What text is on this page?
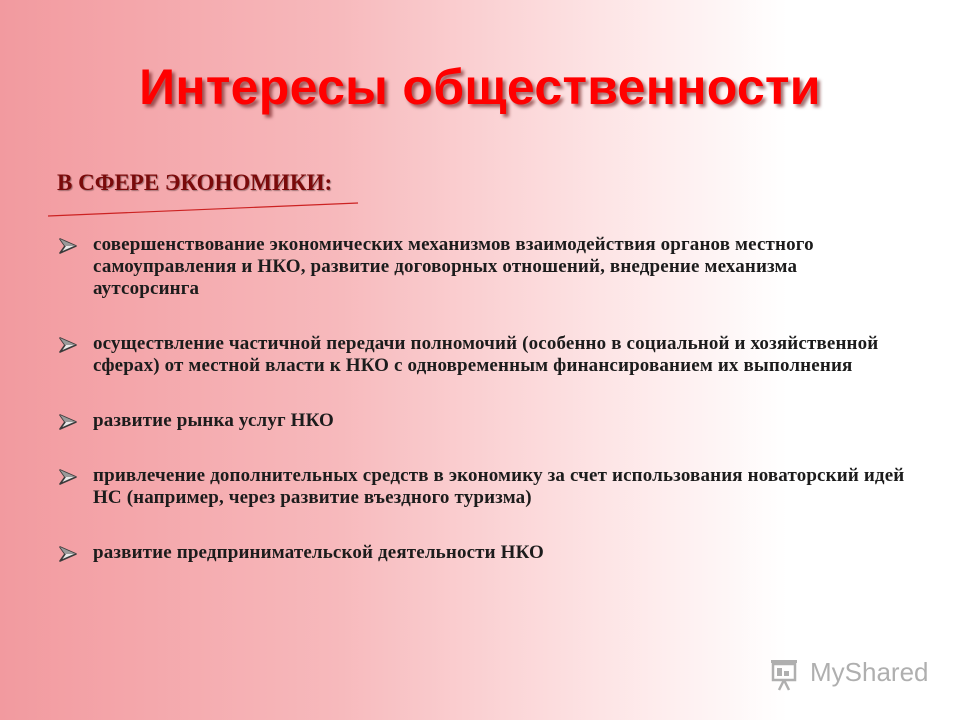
Интересы общественности
В СФЕРЕ ЭКОНОМИКИ:
совершенствование экономических механизмов взаимодействия органов местного самоуправления и НКО, развитие договорных отношений, внедрение механизма аутсорсинга
осуществление частичной передачи полномочий (особенно в социальной и хозяйственной сферах) от местной власти к НКО с одновременным финансированием их выполнения
развитие рынка услуг НКО
привлечение дополнительных средств в экономику за счет использования новаторский идей НС (например, через развитие въездного туризма)
развитие предпринимательской деятельности НКО
MyShared
